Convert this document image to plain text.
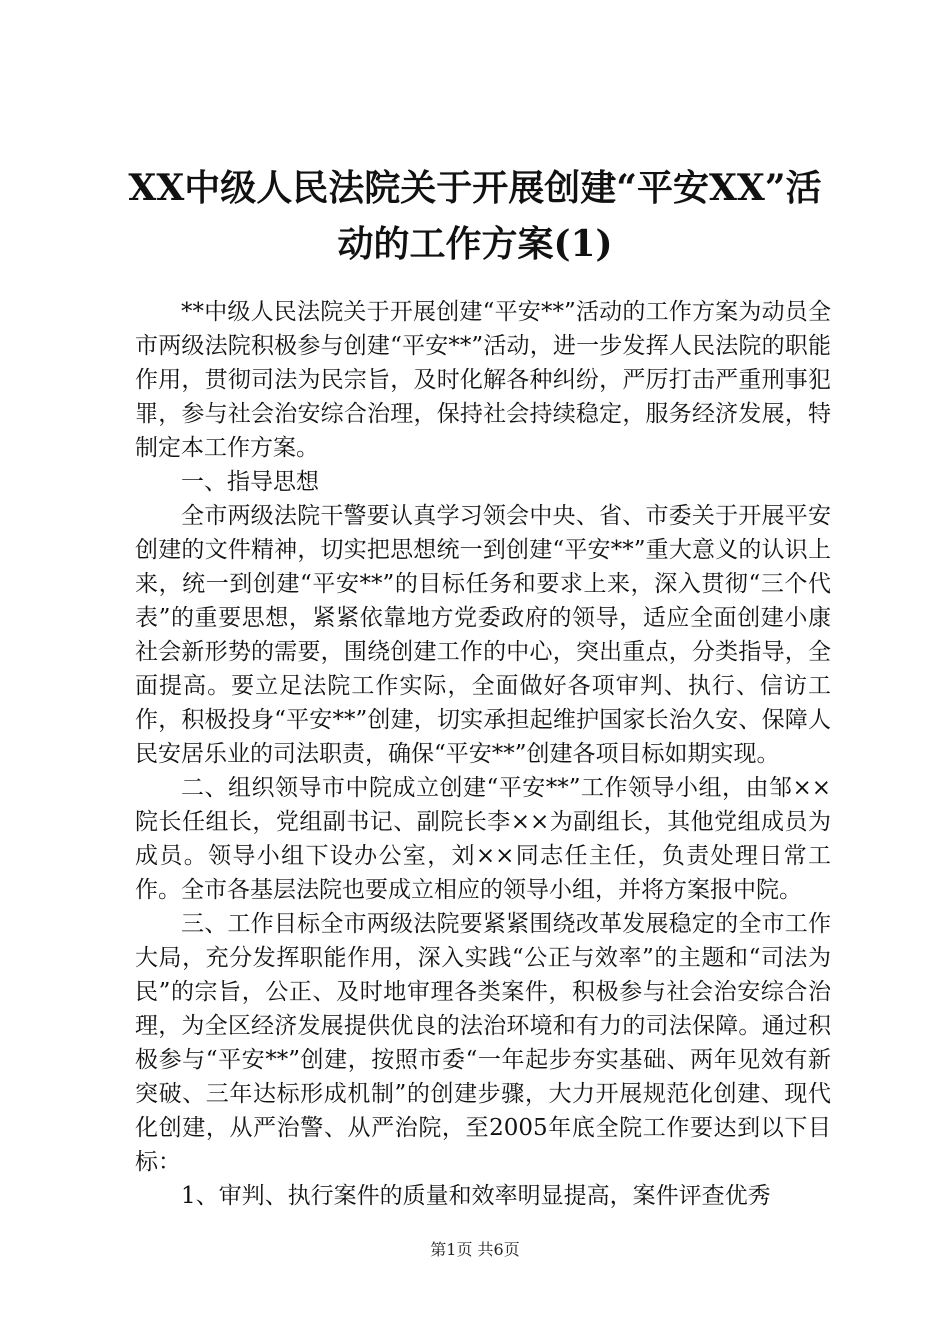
XX中级人民法院关于开展创建“平安XX”活动的工作方案(1)

**中级人民法院关于开展创建“平安**”活动的工作方案为动员全市两级法院积极参与创建“平安**”活动，进一步发挥人民法院的职能作用，贯彻司法为民宗旨，及时化解各种纠纷，严厉打击严重刑事犯罪，参与社会治安综合治理，保持社会持续稳定，服务经济发展，特制定本工作方案。

一、指导思想

全市两级法院干警要认真学习领会中央、省、市委关于开展平安创建的文件精神，切实把思想统一到创建“平安**”重大意义的认识上来，统一到创建“平安**”的目标任务和要求上来，深入贯彻“三个代表”的重要思想，紧紧依靠地方党委政府的领导，适应全面创建小康社会新形势的需要，围绕创建工作的中心，突出重点，分类指导，全面提高。要立足法院工作实际，全面做好各项审判、执行、信访工作，积极投身“平安**”创建，切实承担起维护国家长治久安、保障人民安居乐业的司法职责，确保“平安**”创建各项目标如期实现。

二、组织领导市中院成立创建“平安**”工作领导小组，由邹××院长任组长，党组副书记、副院长李××为副组长，其他党组成员为成员。领导小组下设办公室，刘××同志任主任，负责处理日常工作。全市各基层法院也要成立相应的领导小组，并将方案报中院。

三、工作目标全市两级法院要紧紧围绕改革发展稳定的全市工作大局，充分发挥职能作用，深入实践“公正与效率”的主题和“司法为民”的宗旨，公正、及时地审理各类案件，积极参与社会治安综合治理，为全区经济发展提供优良的法治环境和有力的司法保障。通过积极参与“平安**”创建，按照市委“一年起步夯实基础、两年见效有新突破、三年达标形成机制”的创建步骤，大力开展规范化创建、现代化创建，从严治警、从严治院，至2005年底全院工作要达到以下目标：

1、审判、执行案件的质量和效率明显提高，案件评查优秀

第1页 共6页
